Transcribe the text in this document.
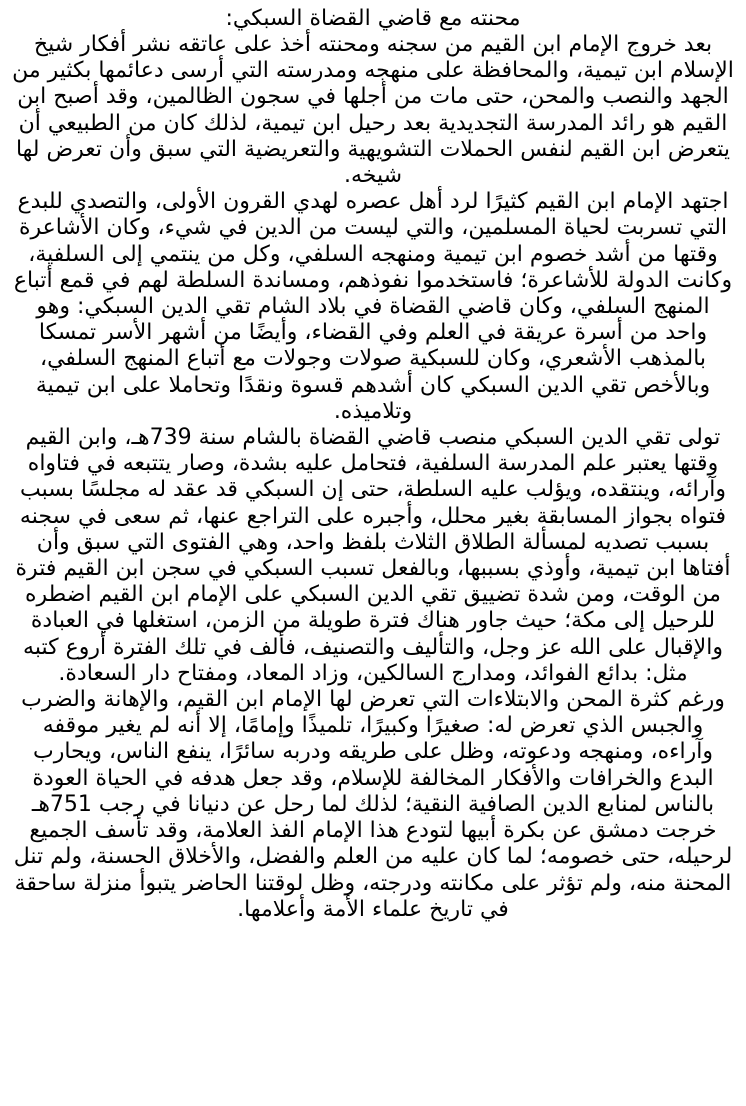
محنته مع قاضي القضاة السبكي:

بعد خروج الإمام ابن القيم من سجنه ومحنته أخذ على عاتقه نشر أفكار شيخ الإسلام ابن تيمية، والمحافظة على منهجه ومدرسته التي أرسى دعائمها بكثير من الجهد والنصب والمحن، حتى مات من أجلها في سجون الظالمين، وقد أصبح ابن القيم هو رائد المدرسة التجديدية بعد رحيل ابن تيمية، لذلك كان من الطبيعي أن يتعرض ابن القيم لنفس الحملات التشويهية والتعريضية التي سبق وأن تعرض لها شيخه.

اجتهد الإمام ابن القيم كثيرًا لرد أهل عصره لهدي القرون الأولى، والتصدي للبدع التي تسربت لحياة المسلمين، والتي ليست من الدين في شيء، وكان الأشاعرة وقتها من أشد خصوم ابن تيمية ومنهجه السلفي، وكل من ينتمي إلى السلفية، وكانت الدولة للأشاعرة؛ فاستخدموا نفوذهم، ومساندة السلطة لهم في قمع أتباع المنهج السلفي، وكان قاضي القضاة في بلاد الشام تقي الدين السبكي: وهو واحد من أسرة عريقة في العلم وفي القضاء، وأيضًا من أشهر الأسر تمسكا بالمذهب الأشعري، وكان للسبكية صولات وجولات مع أتباع المنهج السلفي، وبالأخص تقي الدين السبكي كان أشدهم قسوة ونقدًا وتحاملا على ابن تيمية وتلاميذه.

تولى تقي الدين السبكي منصب قاضي القضاة بالشام سنة 739هـ، وابن القيم وقتها يعتبر علم المدرسة السلفية، فتحامل عليه بشدة، وصار يتتبعه في فتاواه وآرائه، وينتقده، ويؤلب عليه السلطة، حتى إن السبكي قد عقد له مجلسًا بسبب فتواه بجواز المسابقة بغير محلل، وأجبره على التراجع عنها، ثم سعى في سجنه بسبب تصديه لمسألة الطلاق الثلاث بلفظ واحد، وهي الفتوى التي سبق وأن أفتاها ابن تيمية، وأوذي بسببها، وبالفعل تسبب السبكي في سجن ابن القيم فترة من الوقت، ومن شدة تضييق تقي الدين السبكي على الإمام ابن القيم اضطره للرحيل إلى مكة؛ حيث جاور هناك فترة طويلة من الزمن، استغلها في العبادة والإقبال على الله عز وجل، والتأليف والتصنيف، فألف في تلك الفترة أروع كتبه مثل: بدائع الفوائد، ومدارج السالكين، وزاد المعاد، ومفتاح دار السعادة.

ورغم كثرة المحن والابتلاءات التي تعرض لها الإمام ابن القيم، والإهانة والضرب والجبس الذي تعرض له: صغيرًا وكبيرًا، تلميذًا وإمامًا، إلا أنه لم يغير موقفه وآراءه، ومنهجه ودعوته، وظل على طريقه ودربه سائرًا، ينفع الناس، ويحارب البدع والخرافات والأفكار المخالفة للإسلام، وقد جعل هدفه في الحياة العودة بالناس لمنابع الدين الصافية النقية؛ لذلك لما رحل عن دنيانا في رجب 751هـ خرجت دمشق عن بكرة أبيها لتودع هذا الإمام الفذ العلامة، وقد تأسف الجميع لرحيله، حتى خصومه؛ لما كان عليه من العلم والفضل، والأخلاق الحسنة، ولم تنل المحنة منه، ولم تؤثر على مكانته ودرجته، وظل لوقتنا الحاضر يتبوأ منزلة ساحقة في تاريخ علماء الأمة وأعلامها.
